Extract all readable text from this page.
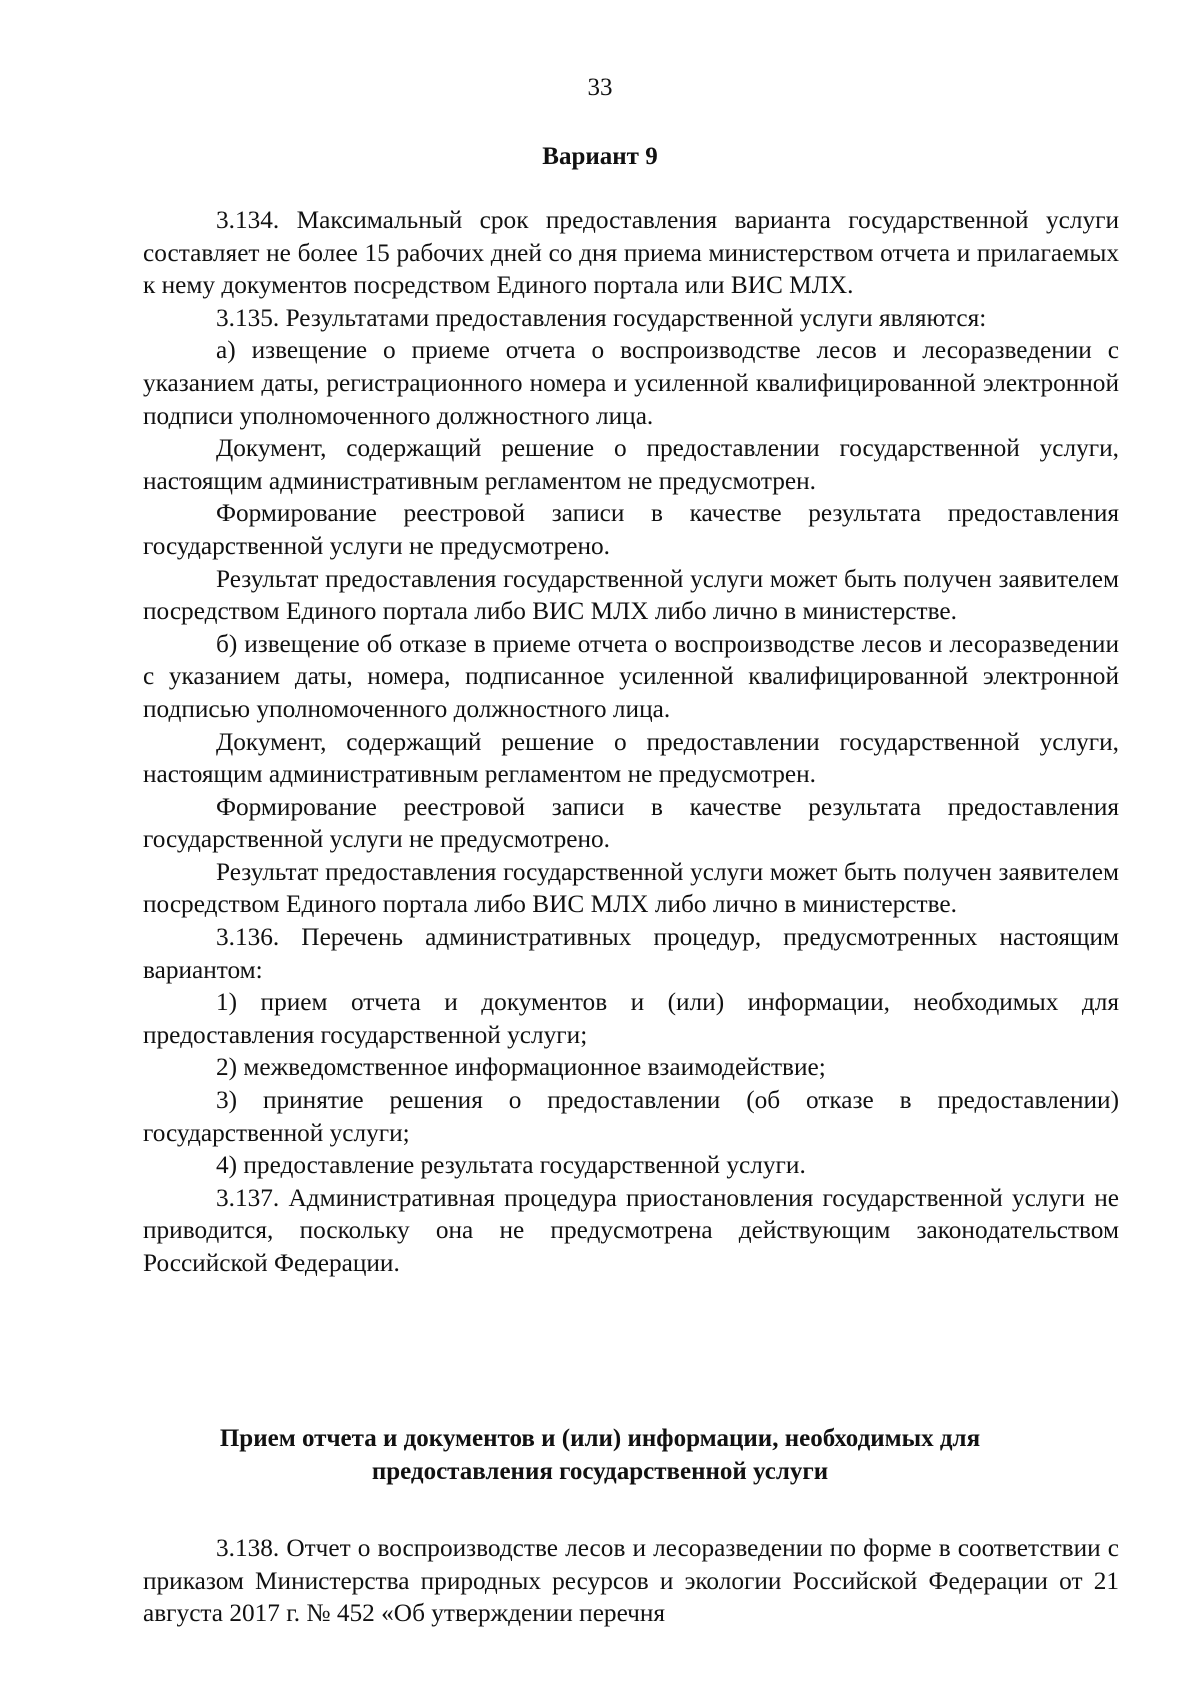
33
Вариант 9

3.134. Максимальный срок предоставления варианта государственной услуги составляет не более 15 рабочих дней со дня приема министерством отчета и прилагаемых к нему документов посредством Единого портала или ВИС МЛХ.

3.135. Результатами предоставления государственной услуги являются:

а) извещение о приеме отчета о воспроизводстве лесов и лесоразведении с указанием даты, регистрационного номера и усиленной квалифицированной электронной подписи уполномоченного должностного лица.

Документ, содержащий решение о предоставлении государственной услуги, настоящим административным регламентом не предусмотрен.

Формирование реестровой записи в качестве результата предоставления государственной услуги не предусмотрено.

Результат предоставления государственной услуги может быть получен заявителем посредством Единого портала либо ВИС МЛХ либо лично в министерстве.

б) извещение об отказе в приеме отчета о воспроизводстве лесов и лесоразведении с указанием даты, номера, подписанное усиленной квалифицированной электронной подписью уполномоченного должностного лица.

Документ, содержащий решение о предоставлении государственной услуги, настоящим административным регламентом не предусмотрен.

Формирование реестровой записи в качестве результата предоставления государственной услуги не предусмотрено.

Результат предоставления государственной услуги может быть получен заявителем посредством Единого портала либо ВИС МЛХ либо лично в министерстве.

3.136. Перечень административных процедур, предусмотренных настоящим вариантом:

1) прием отчета и документов и (или) информации, необходимых для предоставления государственной услуги;

2) межведомственное информационное взаимодействие;

3) принятие решения о предоставлении (об отказе в предоставлении) государственной услуги;

4) предоставление результата государственной услуги.

3.137. Административная процедура приостановления государственной услуги не приводится, поскольку она не предусмотрена действующим законодательством Российской Федерации.

Прием отчета и документов и (или) информации, необходимых для
предоставления государственной услуги

3.138. Отчет о воспроизводстве лесов и лесоразведении по форме в соответствии с приказом Министерства природных ресурсов и экологии Российской Федерации от 21 августа 2017 г. № 452 «Об утверждении перечня
